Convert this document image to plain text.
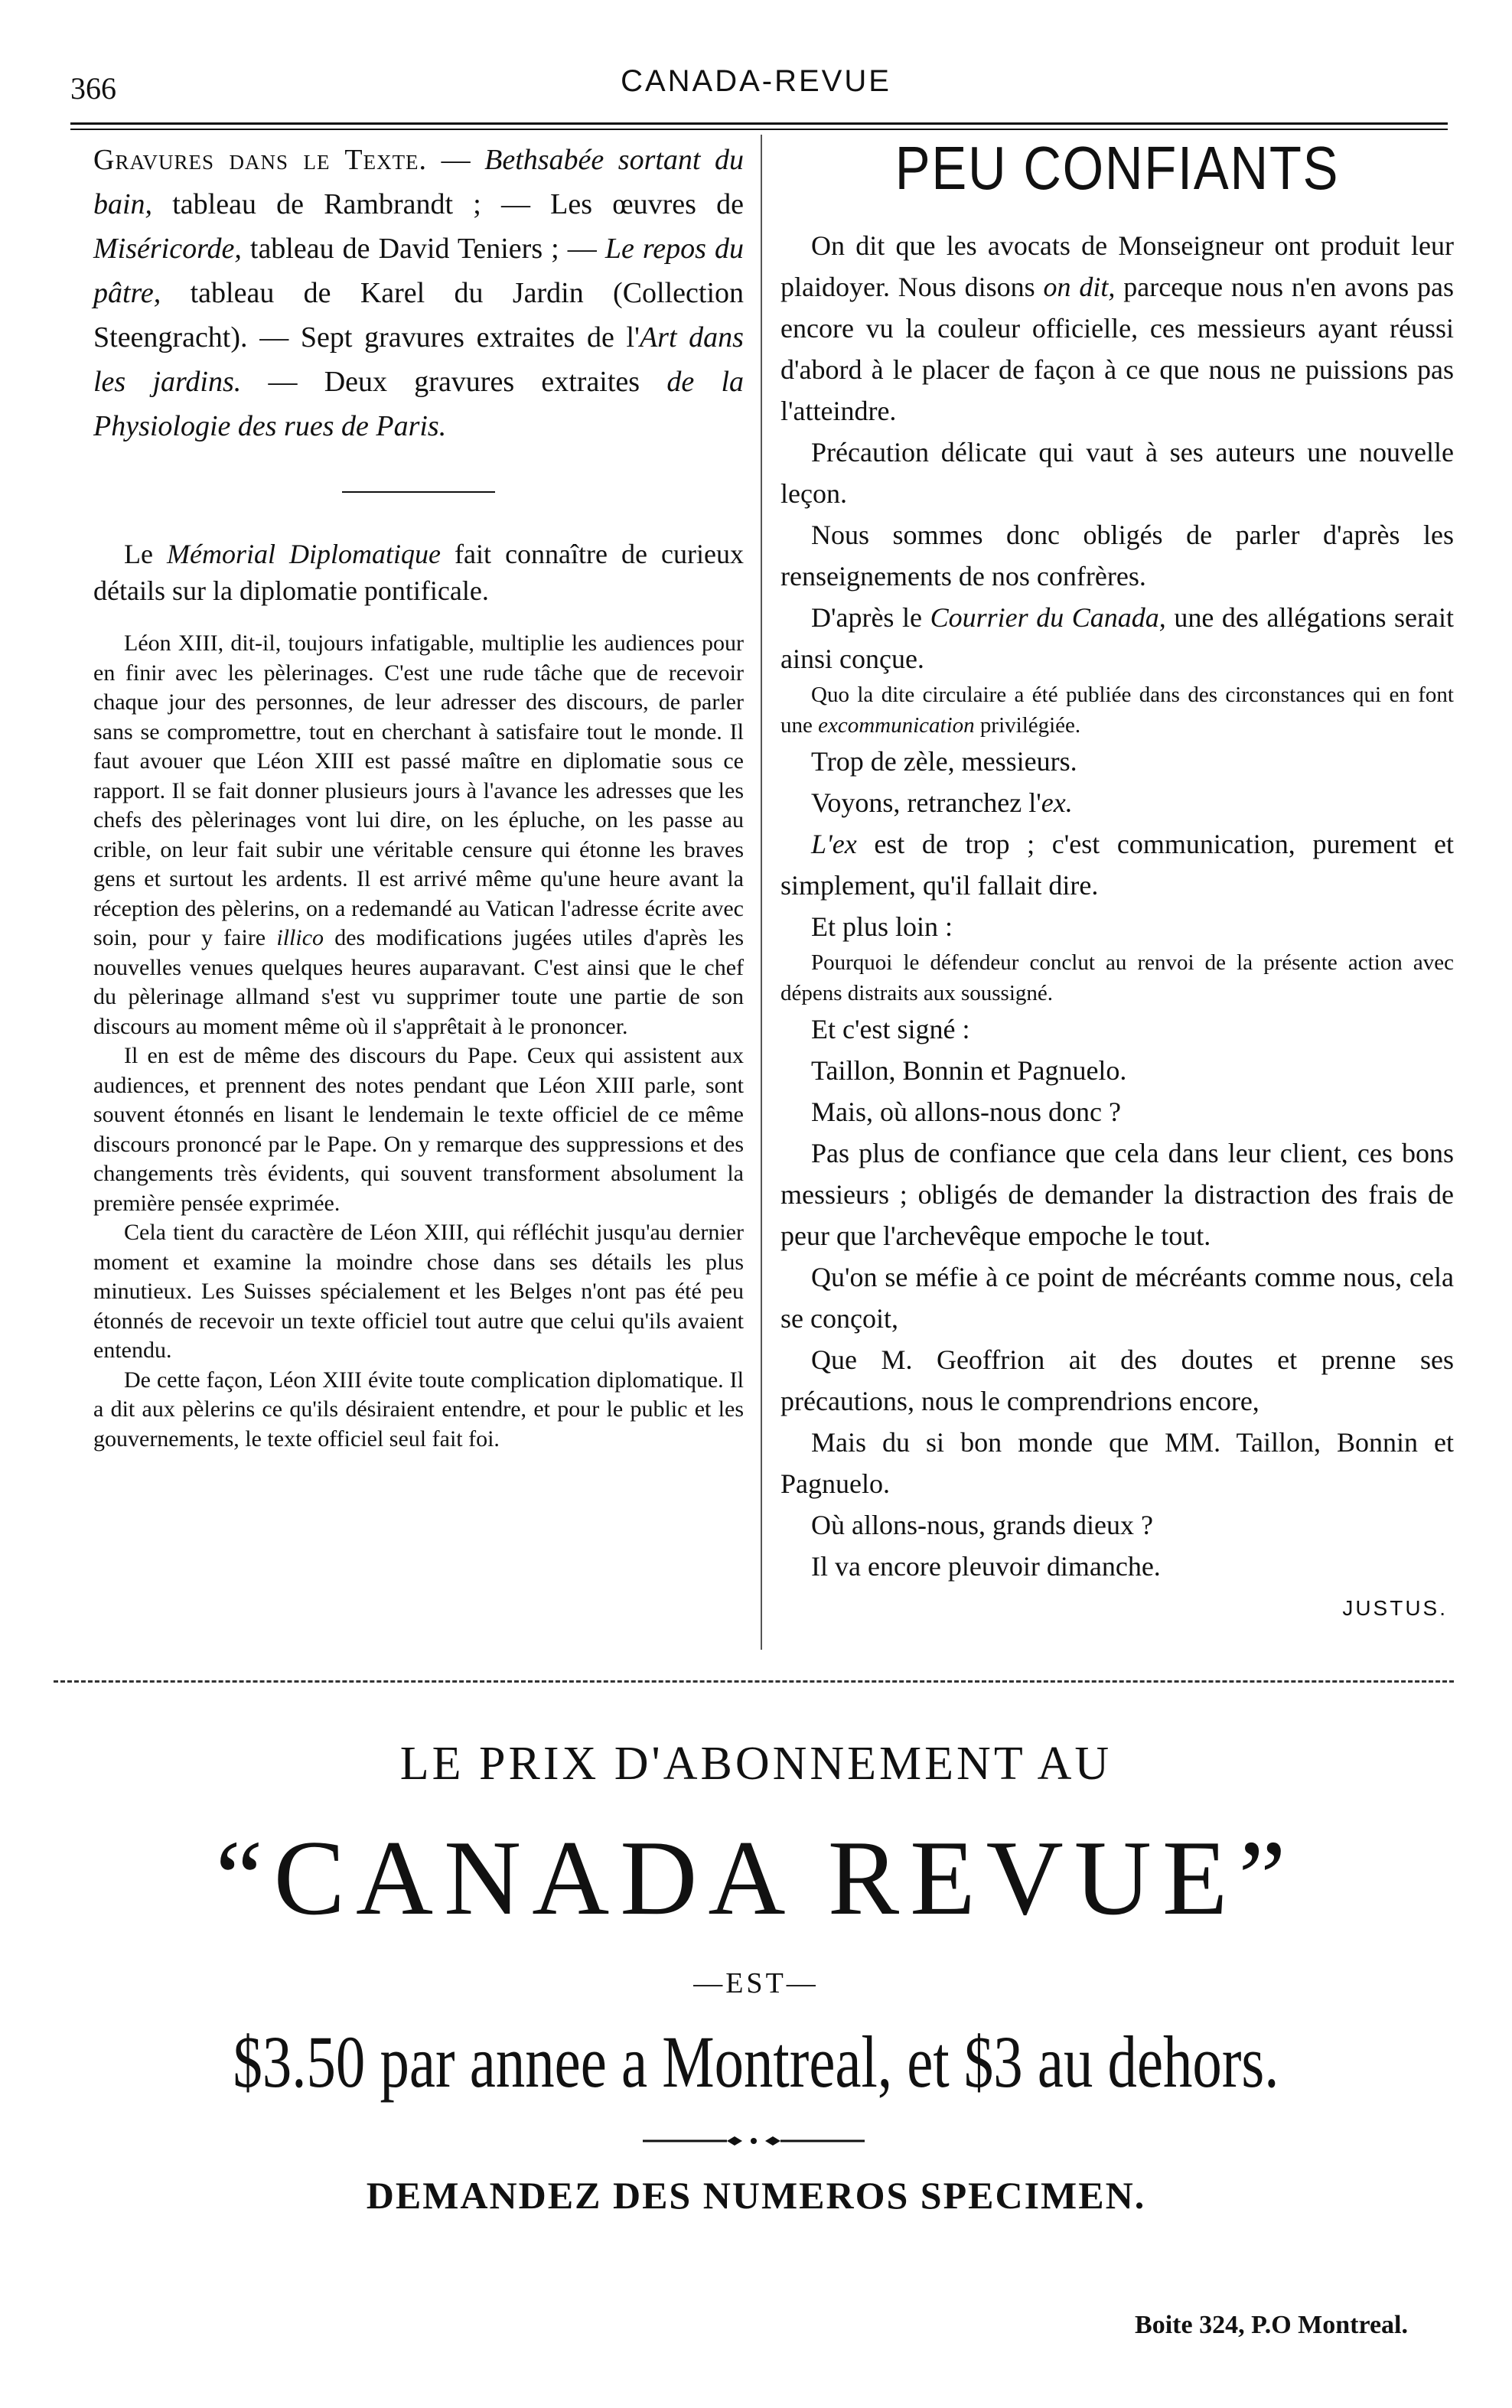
366	CANADA-REVUE

Gravures dans le Texte. — Bethsabée sortant du bain, tableau de Rambrandt ; — Les œuvres de Miséricorde, tableau de David Teniers ; — Le repos du pâtre, tableau de Karel du Jardin (Collection Steengracht). — Sept gravures extraites de l'Art dans les jardins. — Deux gravures extraites de la Physiologie des rues de Paris.

Le Mémorial Diplomatique fait connaître de curieux détails sur la diplomatie pontificale.

Léon XIII, dit-il, toujours infatigable, multiplie les audiences pour en finir avec les pèlerinages. C'est une rude tâche que de recevoir chaque jour des personnes, de leur adresser des discours, de parler sans se compromettre, tout en cherchant à satisfaire tout le monde. Il faut avouer que Léon XIII est passé maître en diplomatie sous ce rapport. Il se fait donner plusieurs jours à l'avance les adresses que les chefs des pèlerinages vont lui dire, on les épluche, on les passe au crible, on leur fait subir une véritable censure qui étonne les braves gens et surtout les ardents. Il est arrivé même qu'une heure avant la réception des pèlerins, on a redemandé au Vatican l'adresse écrite avec soin, pour y faire illico des modifications jugées utiles d'après les nouvelles venues quelques heures auparavant. C'est ainsi que le chef du pèlerinage allmand s'est vu supprimer toute une partie de son discours au moment même où il s'apprêtait à le prononcer.

Il en est de même des discours du Pape. Ceux qui assistent aux audiences, et prennent des notes pendant que Léon XIII parle, sont souvent étonnés en lisant le lendemain le texte officiel de ce même discours prononcé par le Pape. On y remarque des suppressions et des changements très évidents, qui souvent transforment absolument la première pensée exprimée.

Cela tient du caractère de Léon XIII, qui réfléchit jusqu'au dernier moment et examine la moindre chose dans ses détails les plus minutieux. Les Suisses spécialement et les Belges n'ont pas été peu étonnés de recevoir un texte officiel tout autre que celui qu'ils avaient entendu.

De cette façon, Léon XIII évite toute complication diplomatique. Il a dit aux pèlerins ce qu'ils désiraient entendre, et pour le public et les gouvernements, le texte officiel seul fait foi.

PEU CONFIANTS

On dit que les avocats de Monseigneur ont produit leur plaidoyer. Nous disons on dit, parceque nous n'en avons pas encore vu la couleur officielle, ces messieurs ayant réussi d'abord à le placer de façon à ce que nous ne puissions pas l'atteindre.

Précaution délicate qui vaut à ses auteurs une nouvelle leçon.

Nous sommes donc obligés de parler d'après les renseignements de nos confrères.

D'après le Courrier du Canada, une des allégations serait ainsi conçue.

Quo la dite circulaire a été publiée dans des circonstances qui en font une excommunication privilégiée.

Trop de zèle, messieurs.

Voyons, retranchez l'ex.

L'ex est de trop ; c'est communication, purement et simplement, qu'il fallait dire.

Et plus loin :

Pourquoi le défendeur conclut au renvoi de la présente action avec dépens distraits aux soussigné.

Et c'est signé :

Taillon, Bonnin et Pagnuelo.

Mais, où allons-nous donc ?

Pas plus de confiance que cela dans leur client, ces bons messieurs ; obligés de demander la distraction des frais de peur que l'archevêque empoche le tout.

Qu'on se méfie à ce point de mécréants comme nous, cela se conçoit,

Que M. Geoffrion ait des doutes et prenne ses précautions, nous le comprendrions encore,

Mais du si bon monde que MM. Taillon, Bonnin et Pagnuelo.

Où allons-nous, grands dieux ?

Il va encore pleuvoir dimanche.

JUSTUS.
LE PRIX D'ABONNEMENT AU
“CANADA REVUE”
—EST—
$3.50 par annee a Montreal, et $3 au dehors.
DEMANDEZ DES NUMEROS SPECIMEN.
Boite 324, P.O Montreal.
